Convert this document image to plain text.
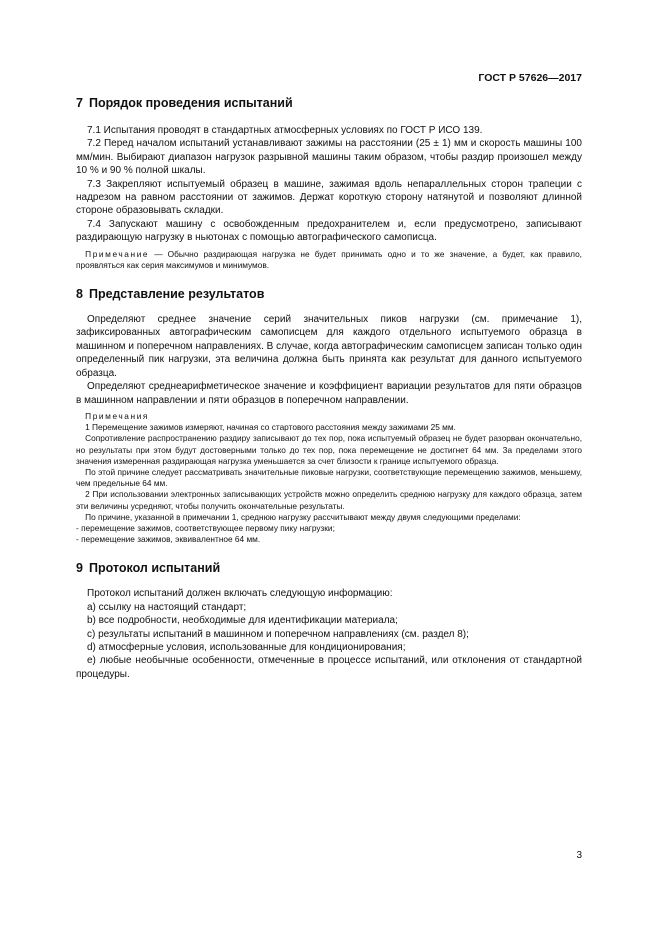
ГОСТ Р 57626—2017
7 Порядок проведения испытаний

7.1 Испытания проводят в стандартных атмосферных условиях по ГОСТ Р ИСО 139.

7.2 Перед началом испытаний устанавливают зажимы на расстоянии (25 ± 1) мм и скорость машины 100 мм/мин. Выбирают диапазон нагрузок разрывной машины таким образом, чтобы раздир произошел между 10 % и 90 % полной шкалы.

7.3 Закрепляют испытуемый образец в машине, зажимая вдоль непараллельных сторон трапеции с надрезом на равном расстоянии от зажимов. Держат короткую сторону натянутой и позволяют длинной стороне образовывать складки.

7.4 Запускают машину с освобожденным предохранителем и, если предусмотрено, записывают раздирающую нагрузку в ньютонах с помощью автографического самописца.

Примечание — Обычно раздирающая нагрузка не будет принимать одно и то же значение, а будет, как правило, проявляться как серия максимумов и минимумов.

8 Представление результатов

Определяют среднее значение серий значительных пиков нагрузки (см. примечание 1), зафиксированных автографическим самописцем для каждого отдельного испытуемого образца в машинном и поперечном направлениях. В случае, когда автографическим самописцем записан только один определенный пик нагрузки, эта величина должна быть принята как результат для данного испытуемого образца.

Определяют среднеарифметическое значение и коэффициент вариации результатов для пяти образцов в машинном направлении и пяти образцов в поперечном направлении.

Примечания

1 Перемещение зажимов измеряют, начиная со стартового расстояния между зажимами 25 мм.

Сопротивление распространению раздиру записывают до тех пор, пока испытуемый образец не будет разорван окончательно, но результаты при этом будут достоверными только до тех пор, пока перемещение не достигнет 64 мм. За пределами этого значения измеренная раздирающая нагрузка уменьшается за счет близости к границе испытуемого образца.

По этой причине следует рассматривать значительные пиковые нагрузки, соответствующие перемещению зажимов, меньшему, чем предельные 64 мм.

2 При использовании электронных записывающих устройств можно определить среднюю нагрузку для каждого образца, затем эти величины усредняют, чтобы получить окончательные результаты.

По причине, указанной в примечании 1, среднюю нагрузку рассчитывают между двумя следующими пределами:

- перемещение зажимов, соответствующее первому пику нагрузки;

- перемещение зажимов, эквивалентное 64 мм.

9 Протокол испытаний

Протокол испытаний должен включать следующую информацию:

a) ссылку на настоящий стандарт;

b) все подробности, необходимые для идентификации материала;

c) результаты испытаний в машинном и поперечном направлениях (см. раздел 8);

d) атмосферные условия, использованные для кондиционирования;

e) любые необычные особенности, отмеченные в процессе испытаний, или отклонения от стандартной процедуры.

3
